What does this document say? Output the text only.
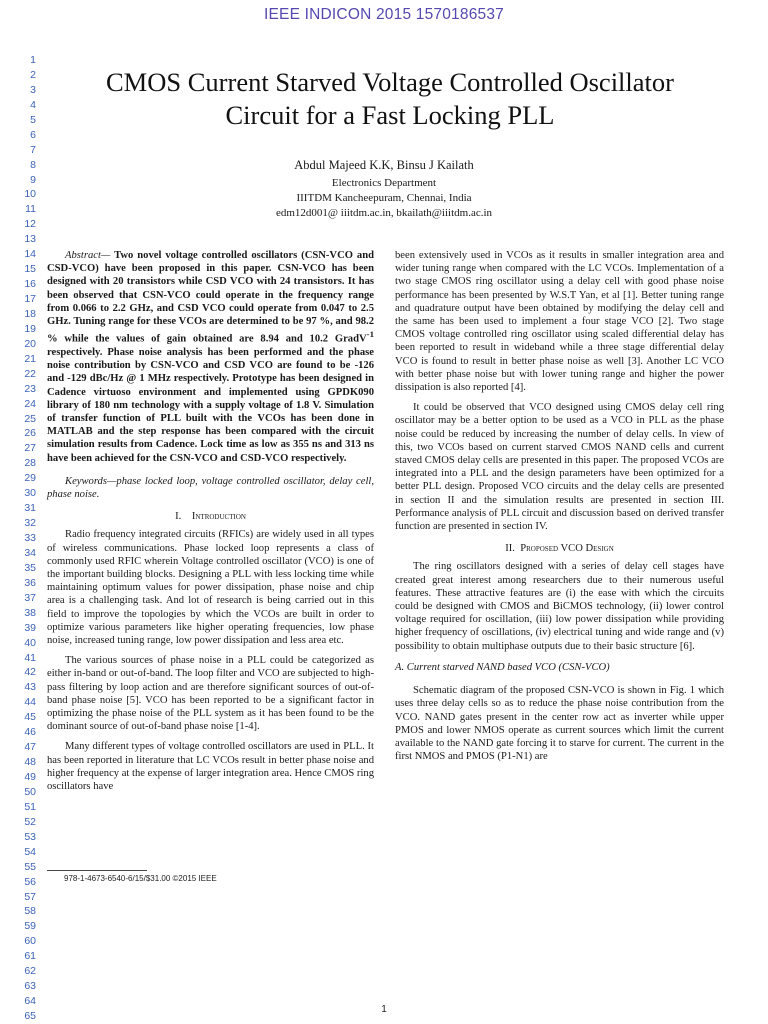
IEEE INDICON 2015 1570186537
1
2
3
4
5
6
7
8
9
10
11
12
13
14
15
16
17
18
19
20
21
22
23
24
25
26
27
28
29
30
31
32
33
34
35
36
37
38
39
40
41
42
43
44
45
46
47
48
49
50
51
52
53
54
55
56
57
58
59
60
61
62
63
64
65
CMOS Current Starved Voltage Controlled Oscillator
Circuit for a Fast Locking PLL
Abdul Majeed K.K, Binsu J Kailath
Electronics Department
IIITDM Kancheepuram, Chennai, India
edm12d001@ iiitdm.ac.in, bkailath@iiitdm.ac.in

Abstract— Two novel voltage controlled oscillators (CSN-VCO and CSD-VCO) have been proposed in this paper. CSN-VCO has been designed with 20 transistors while CSD VCO with 24 transistors. It has been observed that CSN-VCO could operate in the frequency range from 0.066 to 2.2 GHz, and CSD VCO could operate from 0.047 to 2.5 GHz. Tuning range for these VCOs are determined to be 97 %, and 98.2 % while the values of gain obtained are 8.94 and 10.2 GradV$^{-1}$ respectively. Phase noise analysis has been performed and the phase noise contribution by CSN-VCO and CSD VCO are found to be -126 and -129 dBc/Hz @ 1 MHz respectively. Prototype has been designed in Cadence virtuoso environment and implemented using GPDK090 library of 180 nm technology with a supply voltage of 1.8 V. Simulation of transfer function of PLL built with the VCOs has been done in MATLAB and the step response has been compared with the circuit simulation results from Cadence. Lock time as low as 355 ns and 313 ns have been achieved for the CSN-VCO and CSD-VCO respectively.

Keywords—phase locked loop, voltage controlled oscillator, delay cell, phase noise.

I. Introduction

Radio frequency integrated circuits (RFICs) are widely used in all types of wireless communications. Phase locked loop represents a class of commonly used RFIC wherein Voltage controlled oscillator (VCO) is one of the important building blocks. Designing a PLL with less locking time while maintaining optimum values for power dissipation, phase noise and chip area is a challenging task. And lot of research is being carried out in this field to improve the topologies by which the VCOs are built in order to optimize various parameters like higher operating frequencies, low phase noise, increased tuning range, low power dissipation and less area etc.

The various sources of phase noise in a PLL could be categorized as either in-band or out-of-band. The loop filter and VCO are subjected to high-pass filtering by loop action and are therefore significant sources of out-of-band phase noise [5]. VCO has been reported to be a significant factor in optimizing the phase noise of the PLL system as it has been found to be the dominant source of out-of-band phase noise [1-4].

Many different types of voltage controlled oscillators are used in PLL. It has been reported in literature that LC VCOs result in better phase noise and higher frequency at the expense of larger integration area. Hence CMOS ring oscillators have

978-1-4673-6540-6/15/$31.00 ©2015 IEEE

been extensively used in VCOs as it results in smaller integration area and wider tuning range when compared with the LC VCOs. Implementation of a two stage CMOS ring oscillator using a delay cell with good phase noise performance has been presented by W.S.T Yan, et al [1]. Better tuning range and quadrature output have been obtained by modifying the delay cell and the same has been used to implement a four stage VCO [2]. Two stage CMOS voltage controlled ring oscillator using scaled differential delay has been reported to result in wideband while a three stage differential delay VCO is found to result in better phase noise as well [3]. Another LC VCO with better phase noise but with lower tuning range and higher the power dissipation is also reported [4].

It could be observed that VCO designed using CMOS delay cell ring oscillator may be a better option to be used as a VCO in PLL as the phase noise could be reduced by increasing the number of delay cells. In view of this, two VCOs based on current starved CMOS NAND cells and current staved CMOS delay cells are presented in this paper. The proposed VCOs are integrated into a PLL and the design parameters have been optimized for a better PLL design. Proposed VCO circuits and the delay cells are presented in section II and the simulation results are presented in section III. Performance analysis of PLL circuit and discussion based on derived transfer function are presented in section IV.

II. Proposed VCO Design

The ring oscillators designed with a series of delay cell stages have created great interest among researchers due to their numerous useful features. These attractive features are (i) the ease with which the circuits could be designed with CMOS and BiCMOS technology, (ii) lower control voltage required for oscillation, (iii) low power dissipation while providing higher frequency of oscillations, (iv) electrical tuning and wide range and (v) possibility to obtain multiphase outputs due to their basic structure [6].

A. Current starved NAND based VCO (CSN-VCO)

Schematic diagram of the proposed CSN-VCO is shown in Fig. 1 which uses three delay cells so as to reduce the phase noise contribution from the VCO. NAND gates present in the center row act as inverter while upper PMOS and lower NMOS operate as current sources which limit the current available to the NAND gate forcing it to starve for current. The current in the first NMOS and PMOS (P1-N1) are

1
